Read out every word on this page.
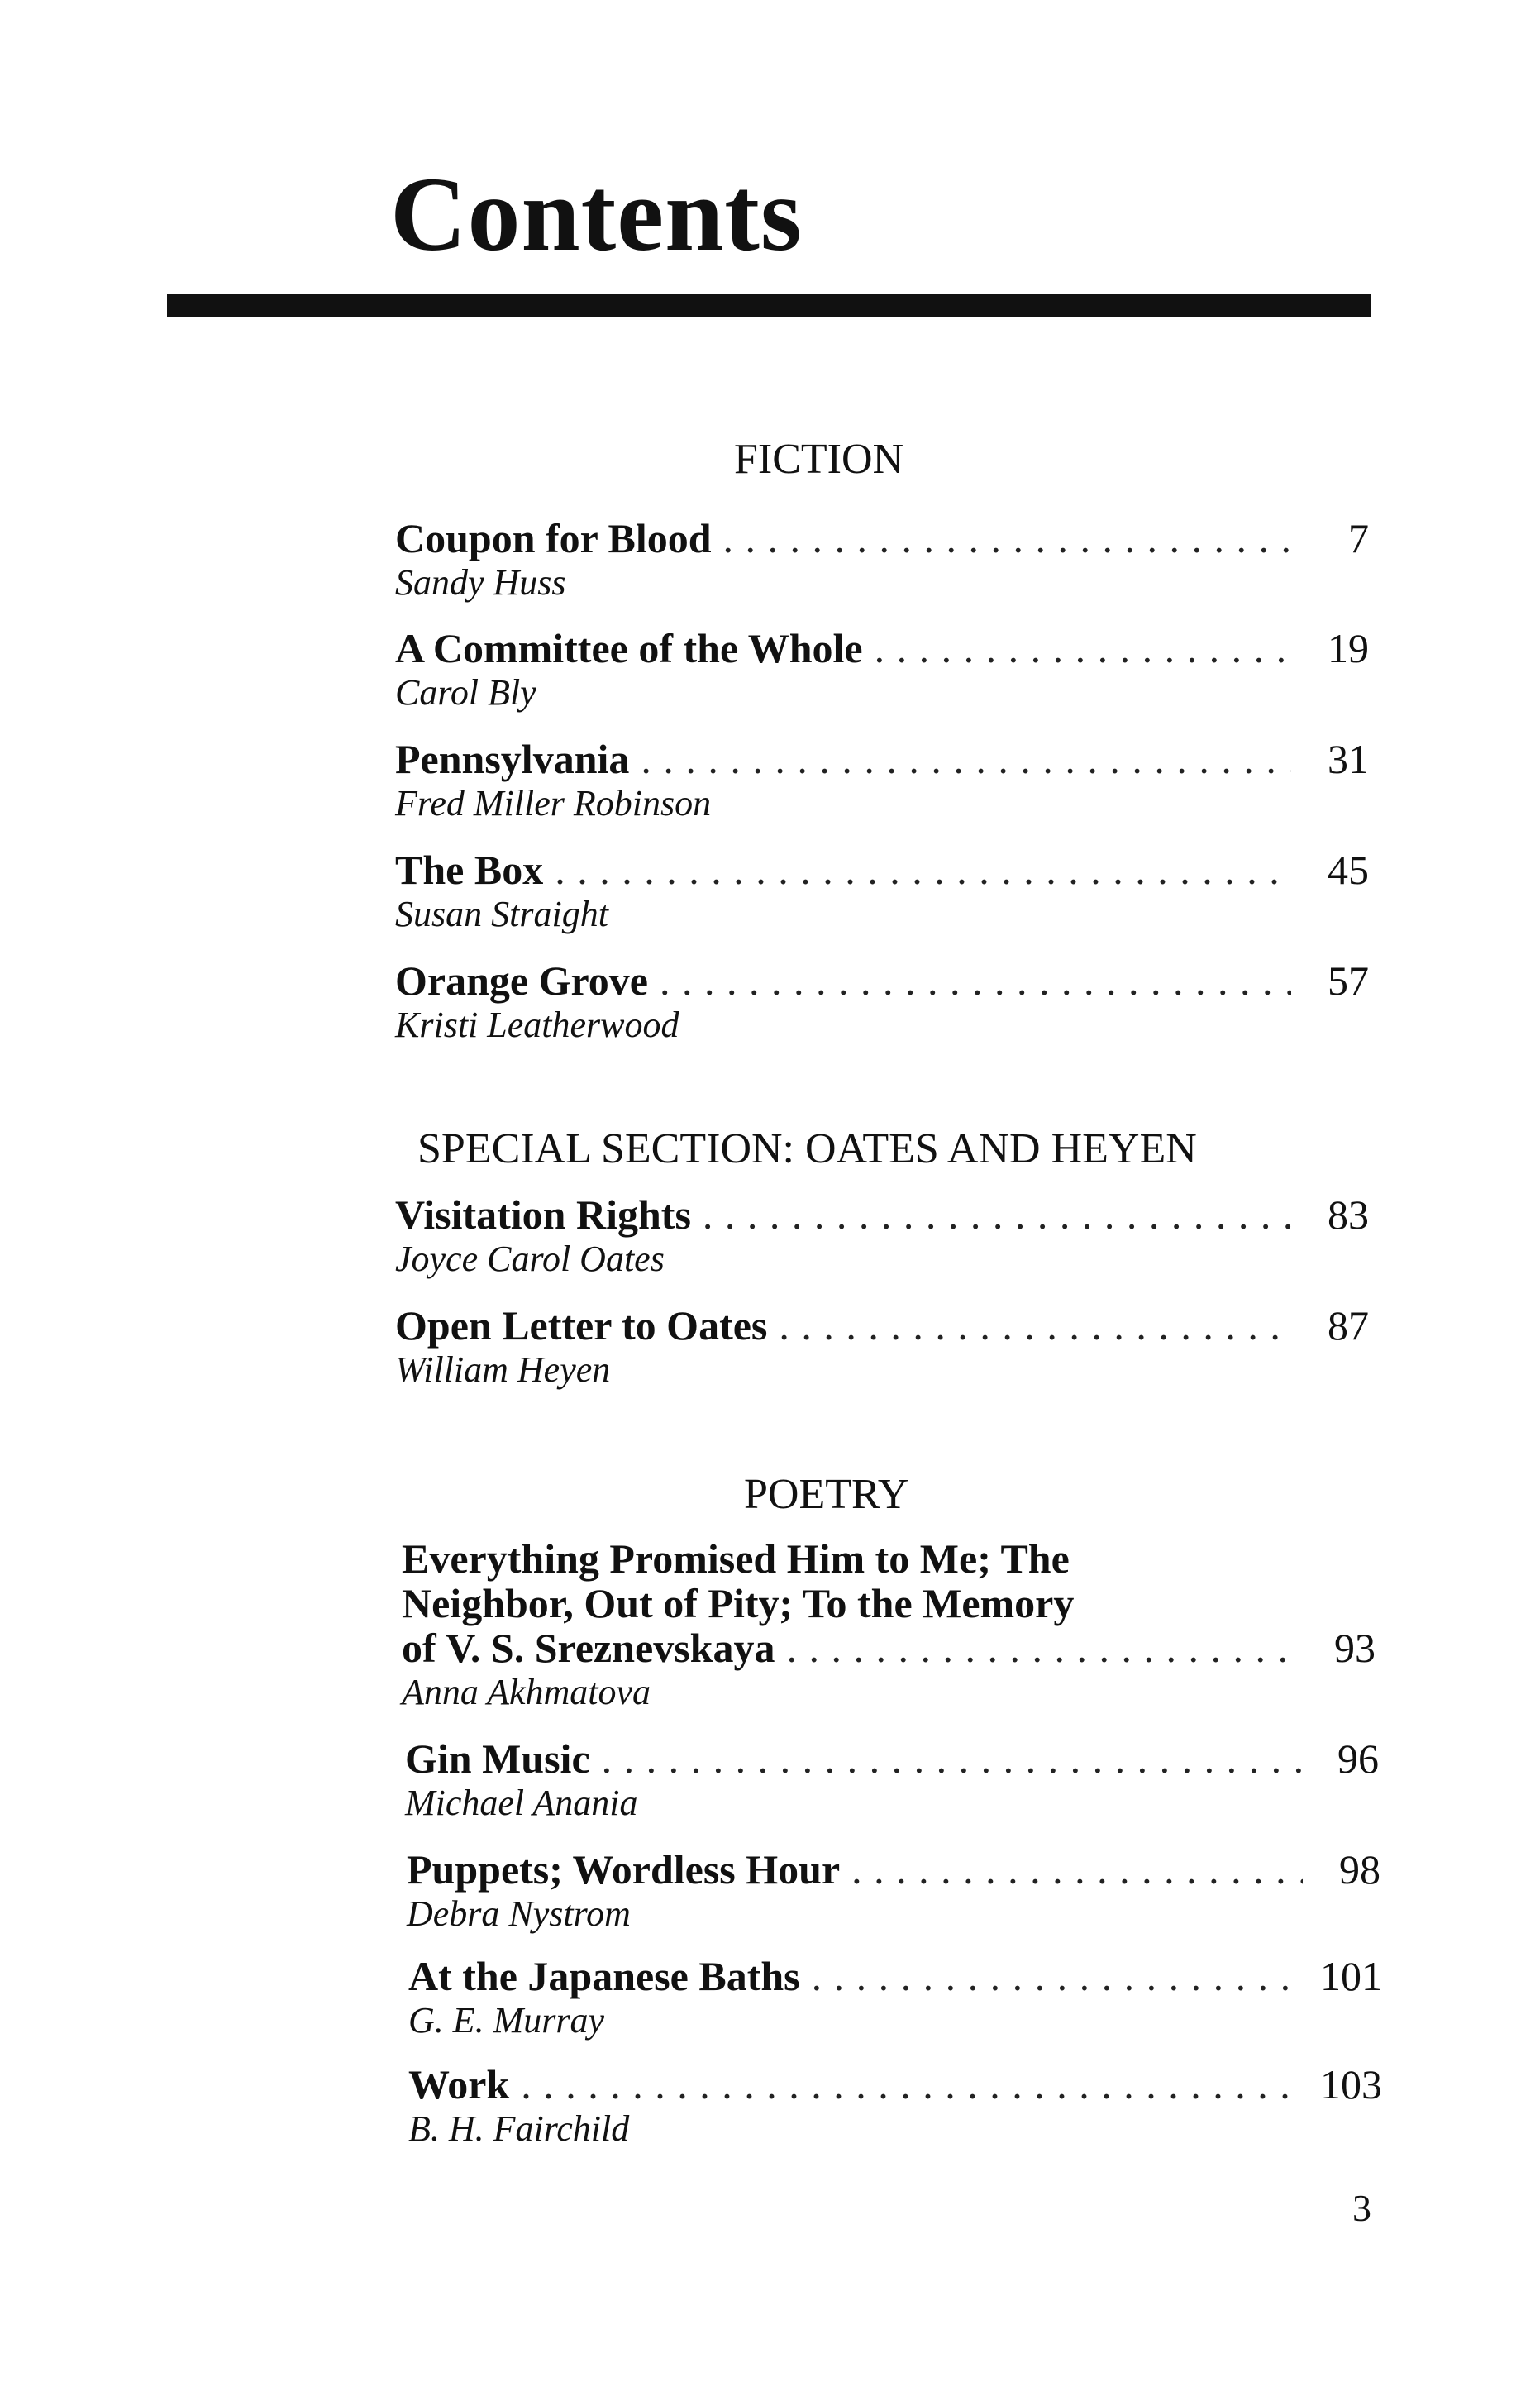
Contents
FICTION
Coupon for Blood . . .	7
Sandy Huss
A Committee of the Whole . . .	19
Carol Bly
Pennsylvania . . .	31
Fred Miller Robinson
The Box . . .	45
Susan Straight
Orange Grove . . .	57
Kristi Leatherwood
SPECIAL SECTION: OATES AND HEYEN
Visitation Rights . . .	83
Joyce Carol Oates
Open Letter to Oates . . .	87
William Heyen
POETRY
Everything Promised Him to Me; The
Neighbor, Out of Pity; To the Memory
of V. S. Sreznevskaya . . .	93
Anna Akhmatova
Gin Music . . .	96
Michael Anania
Puppets; Wordless Hour . . .	98
Debra Nystrom
At the Japanese Baths . . .	101
G. E. Murray
Work . . .	103
B. H. Fairchild
3
